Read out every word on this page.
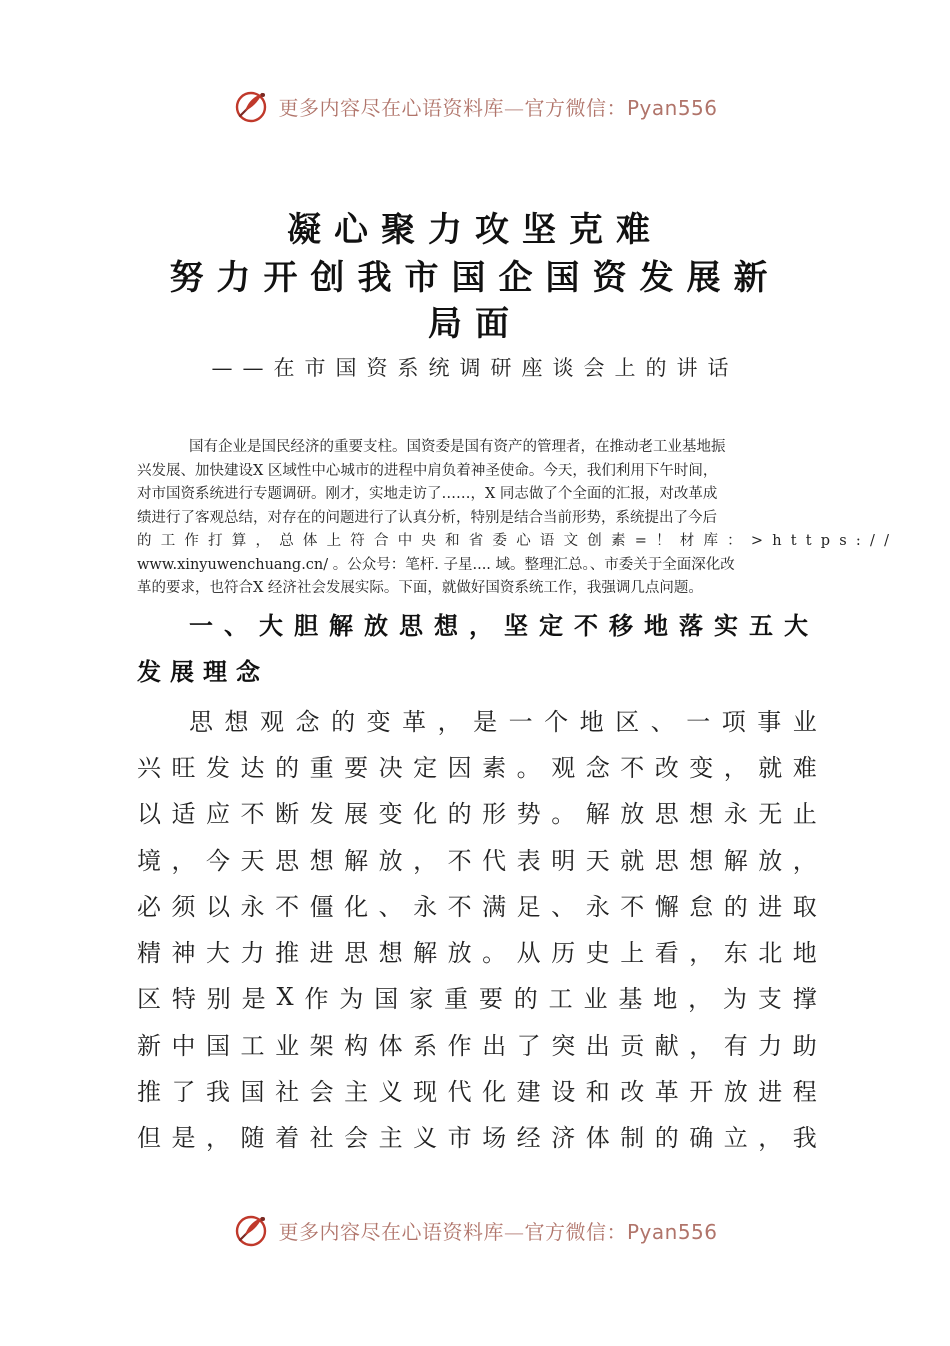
更多内容尽在心语资料库—官方微信：Pyan556
凝心聚力攻坚克难
努力开创我市国企国资发展新
局面
——在市国资系统调研座谈会上的讲话
国有企业是国民经济的重要支柱。国资委是国有资产的管理者，在推动老工业基地振
兴发展、加快建设X 区域性中心城市的进程中肩负着神圣使命。今天，我们利用下午时间，
对市国资系统进行专题调研。刚才，实地走访了……，X 同志做了个全面的汇报，对改革成
绩进行了客观总结，对存在的问题进行了认真分析，特别是结合当前形势，系统提出了今后
的工作打算，总体上符合中央和省委心语文创素=！材库：>https://
www.xinyuwenchuang.cn/ 。公众号：笔杆. 子星.... 域。整理汇总。、市委关于全面深化改
革的要求，也符合X 经济社会发展实际。下面，就做好国资系统工作，我强调几点问题。
一、大胆解放思想，坚定不移地落实五大
发展理念
思 想 观 念 的 变 革 ， 是 一 个 地 区 、 一 项 事 业
兴 旺 发 达 的 重 要 决 定 因 素 。 观 念 不 改 变 ， 就 难
以 适 应 不 断 发 展 变 化 的 形 势 。 解 放 思 想 永 无 止
境 ， 今 天 思 想 解 放 ， 不 代 表 明 天 就 思 想 解 放 ，
必 须 以 永 不 僵 化 、 永 不 满 足 、 永 不 懈 怠 的 进 取
精 神 大 力 推 进 思 想 解 放 。 从 历 史 上 看 ， 东 北 地
区 特 别 是 X 作 为 国 家 重 要 的 工 业 基 地 ， 为 支 撑
新 中 国 工 业 架 构 体 系 作 出 了 突 出 贡 献 ， 有 力 助
推 了 我 国 社 会 主 义 现 代 化 建 设 和 改 革 开 放 进 程
但 是 ， 随 着 社 会 主 义 市 场 经 济 体 制 的 确 立 ， 我
更多内容尽在心语资料库—官方微信：Pyan556
